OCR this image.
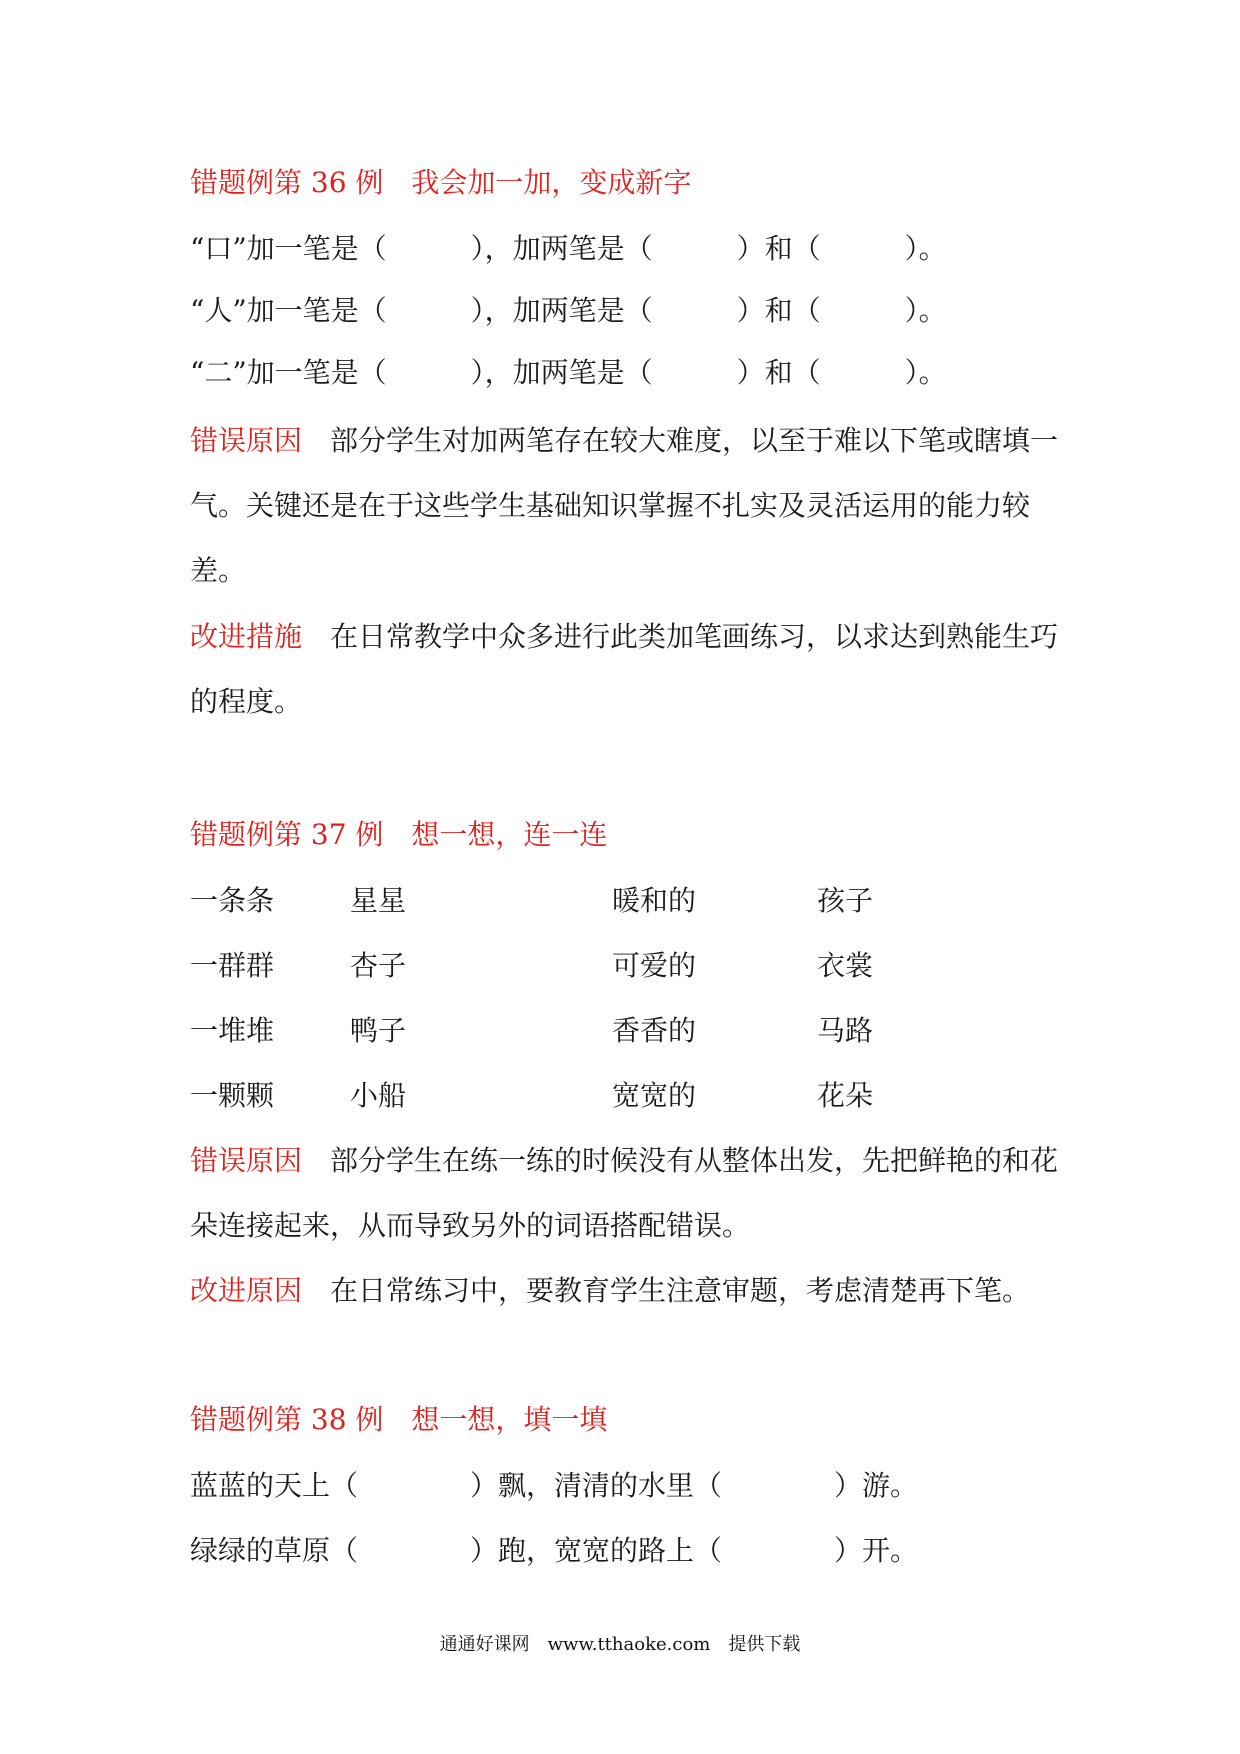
错题例第 36 例　我会加一加，变成新字
“口”加一笔是（　　　），加两笔是（　　　）和（　　　）。
“人”加一笔是（　　　），加两笔是（　　　）和（　　　）。
“二”加一笔是（　　　），加两笔是（　　　）和（　　　）。
错误原因 部分学生对加两笔存在较大难度，以至于难以下笔或瞎填一气。关键还是在于这些学生基础知识掌握不扎实及灵活运用的能力较差。
改进措施 在日常教学中众多进行此类加笔画练习，以求达到熟能生巧的程度。
错题例第 37 例　想一想，连一连
一条条
一群群
一堆堆
一颗颗
星星
杏子
鸭子
小船
暖和的
可爱的
香香的
宽宽的
孩子
衣裳
马路
花朵
错误原因 部分学生在练一练的时候没有从整体出发，先把鲜艳的和花朵连接起来，从而导致另外的词语搭配错误。
改进原因 在日常练习中，要教育学生注意审题，考虑清楚再下笔。
错题例第 38 例　想一想，填一填
蓝蓝的天上（　　　　）飘，清清的水里（　　　　）游。
绿绿的草原（　　　　）跑，宽宽的路上（　　　　）开。
通通好课网　www.tthaoke.com　提供下载
